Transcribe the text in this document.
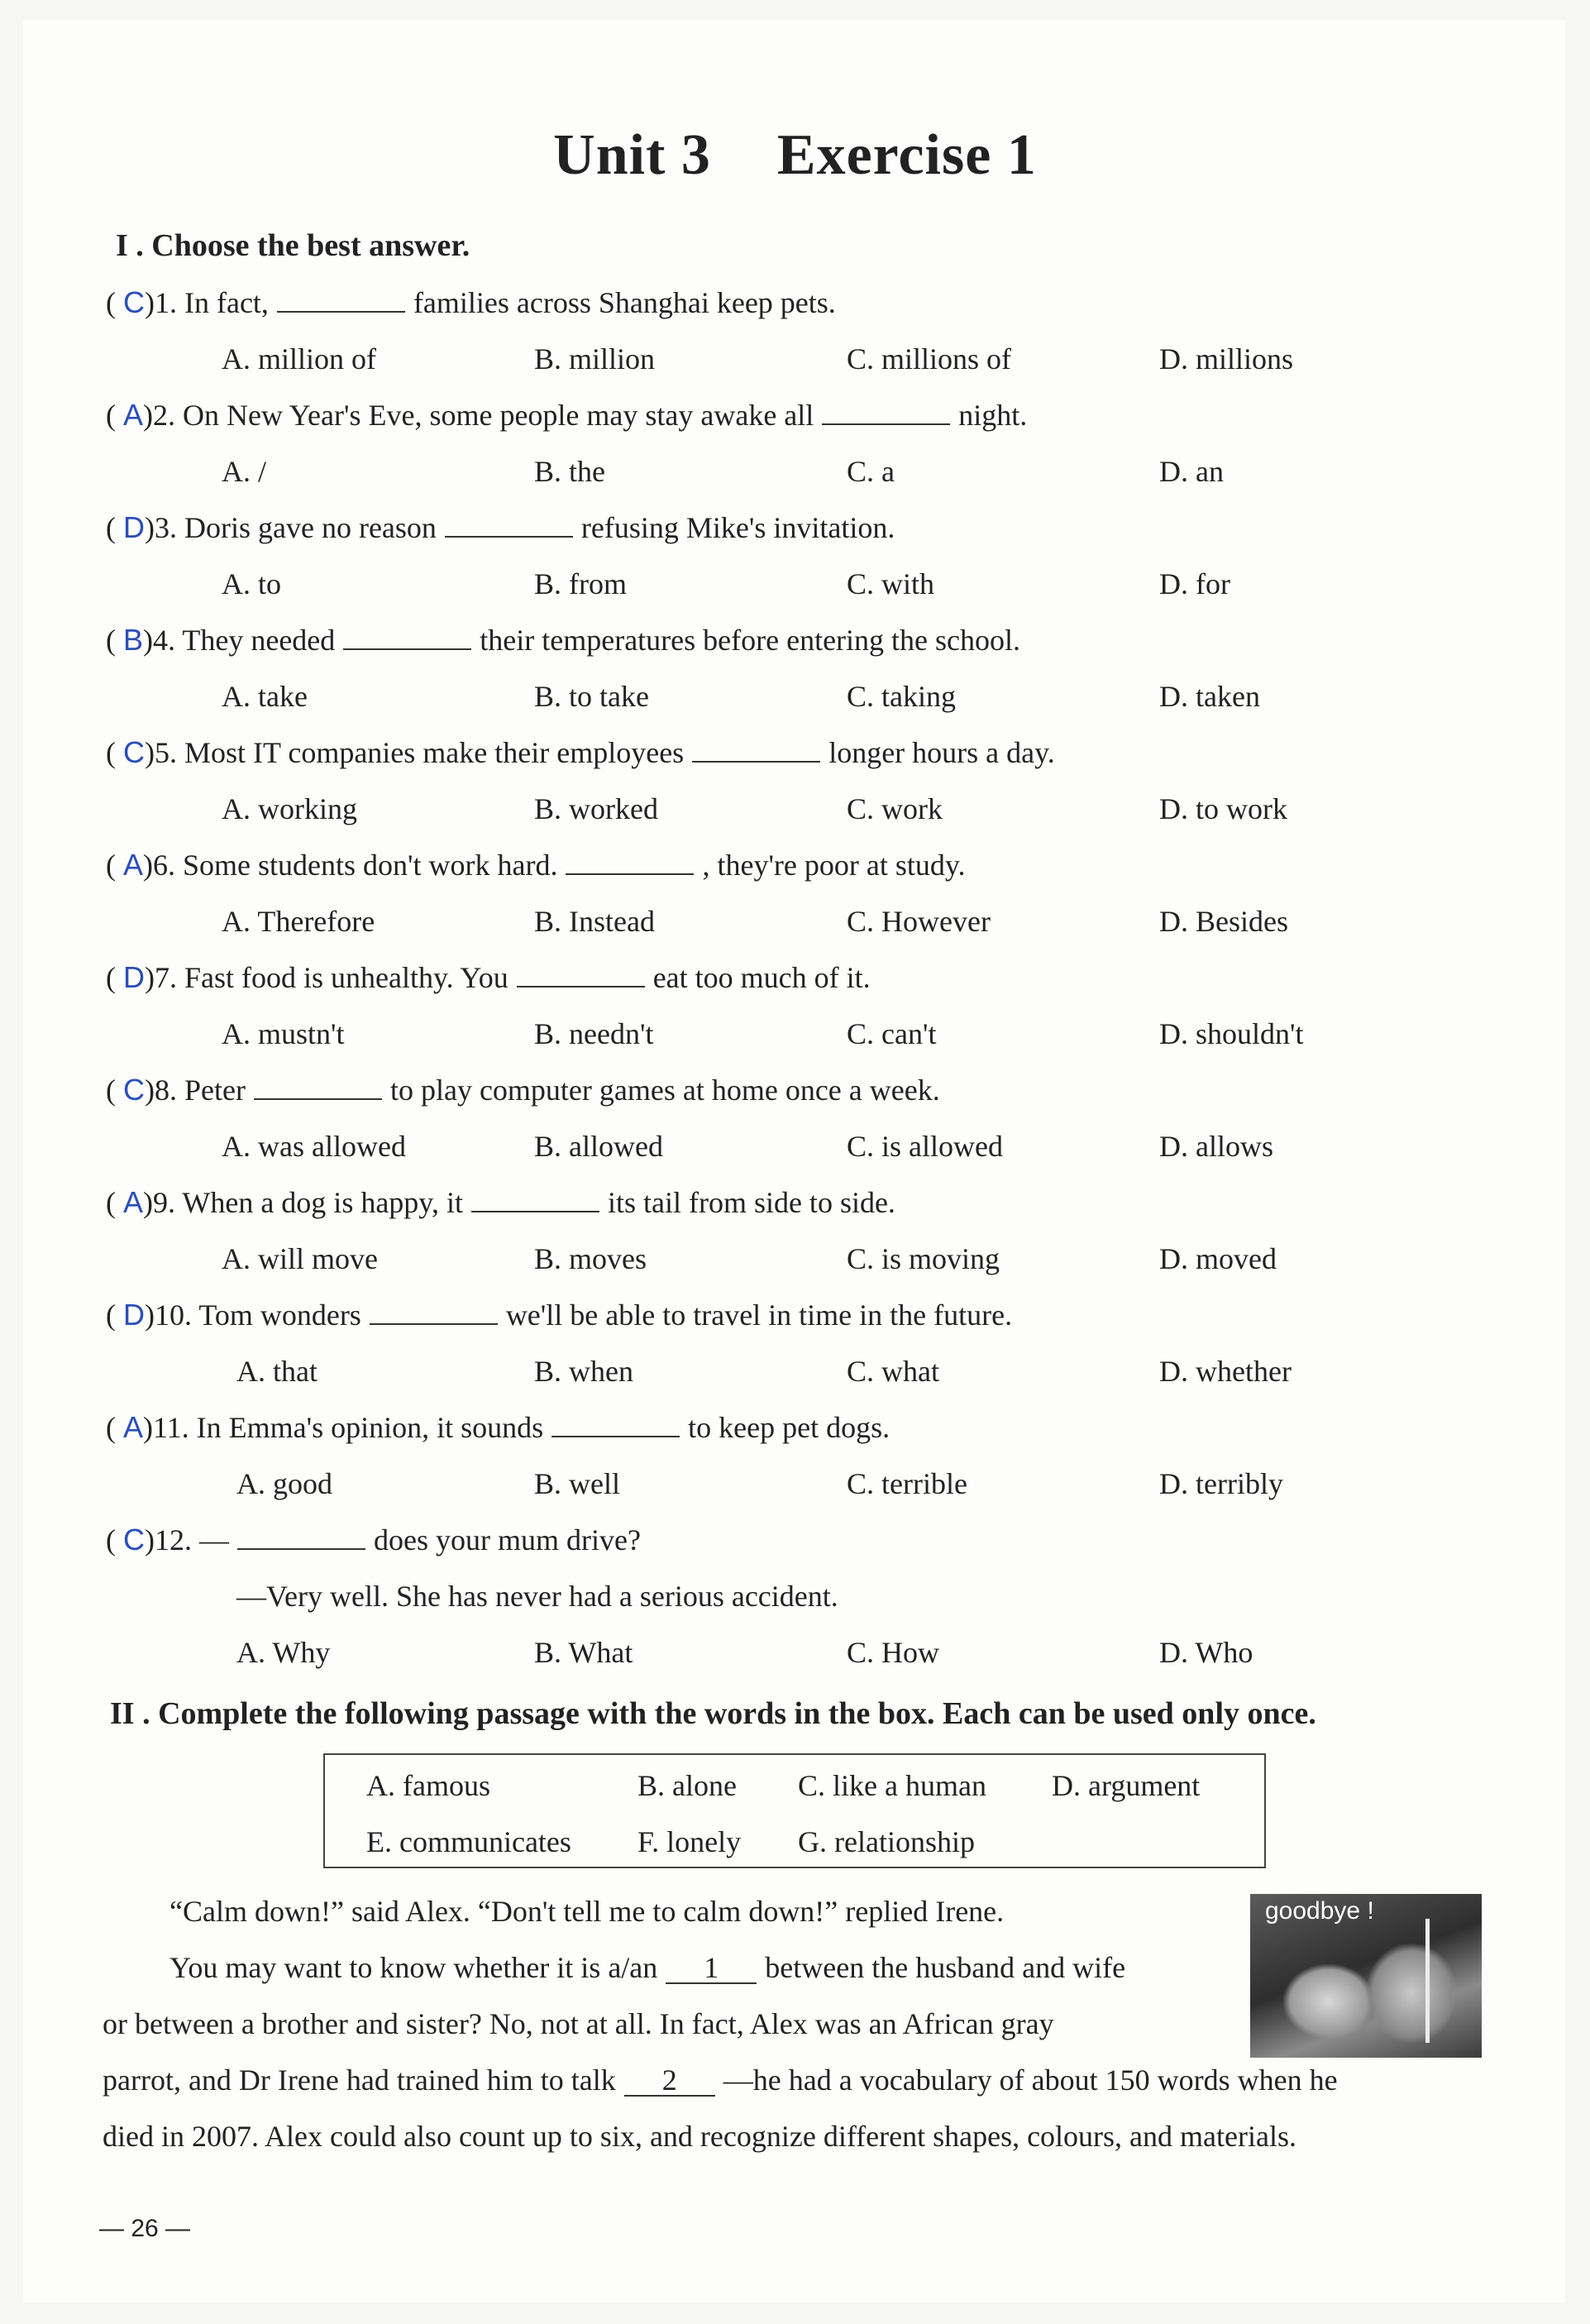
Unit 3 Exercise 1
I . Choose the best answer.
( C)1. In fact,	families across Shanghai keep pets.
A. million of	B. million	C. millions of	D. millions
( A)2. On New Year's Eve, some people may stay awake all	night.
A. /	B. the	C. a	D. an
( D)3. Doris gave no reason	refusing Mike's invitation.
A. to	B. from	C. with	D. for
( B)4. They needed	their temperatures before entering the school.
A. take	B. to take	C. taking	D. taken
( C)5. Most IT companies make their employees	longer hours a day.
A. working	B. worked	C. work	D. to work
( A)6. Some students don't work hard.	, they're poor at study.
A. Therefore	B. Instead	C. However	D. Besides
( D)7. Fast food is unhealthy. You	eat too much of it.
A. mustn't	B. needn't	C. can't	D. shouldn't
( C)8. Peter	to play computer games at home once a week.
A. was allowed	B. allowed	C. is allowed	D. allows
( A)9. When a dog is happy, it	its tail from side to side.
A. will move	B. moves	C. is moving	D. moved
( D)10. Tom wonders	we'll be able to travel in time in the future.
A. that	B. when	C. what	D. whether
( A)11. In Emma's opinion, it sounds	to keep pet dogs.
A. good	B. well	C. terrible	D. terribly
( C)12. —	does your mum drive?
—Very well. She has never had a serious accident.
A. Why	B. What	C. How	D. Who
II . Complete the following passage with the words in the box. Each can be used only once.
A. famous	B. alone C. like a human D. argument
E. communicates F. lonely G. relationship
goodbye !
“Calm down!” said Alex. “Don't tell me to calm down!” replied Irene.
You may want to know whether it is a/an 1 between the husband and wife
or between a brother and sister? No, not at all. In fact, Alex was an African gray
parrot, and Dr Irene had trained him to talk 2 —he had a vocabulary of about 150 words when he
died in 2007. Alex could also count up to six, and recognize different shapes, colours, and materials.
— 26 —
